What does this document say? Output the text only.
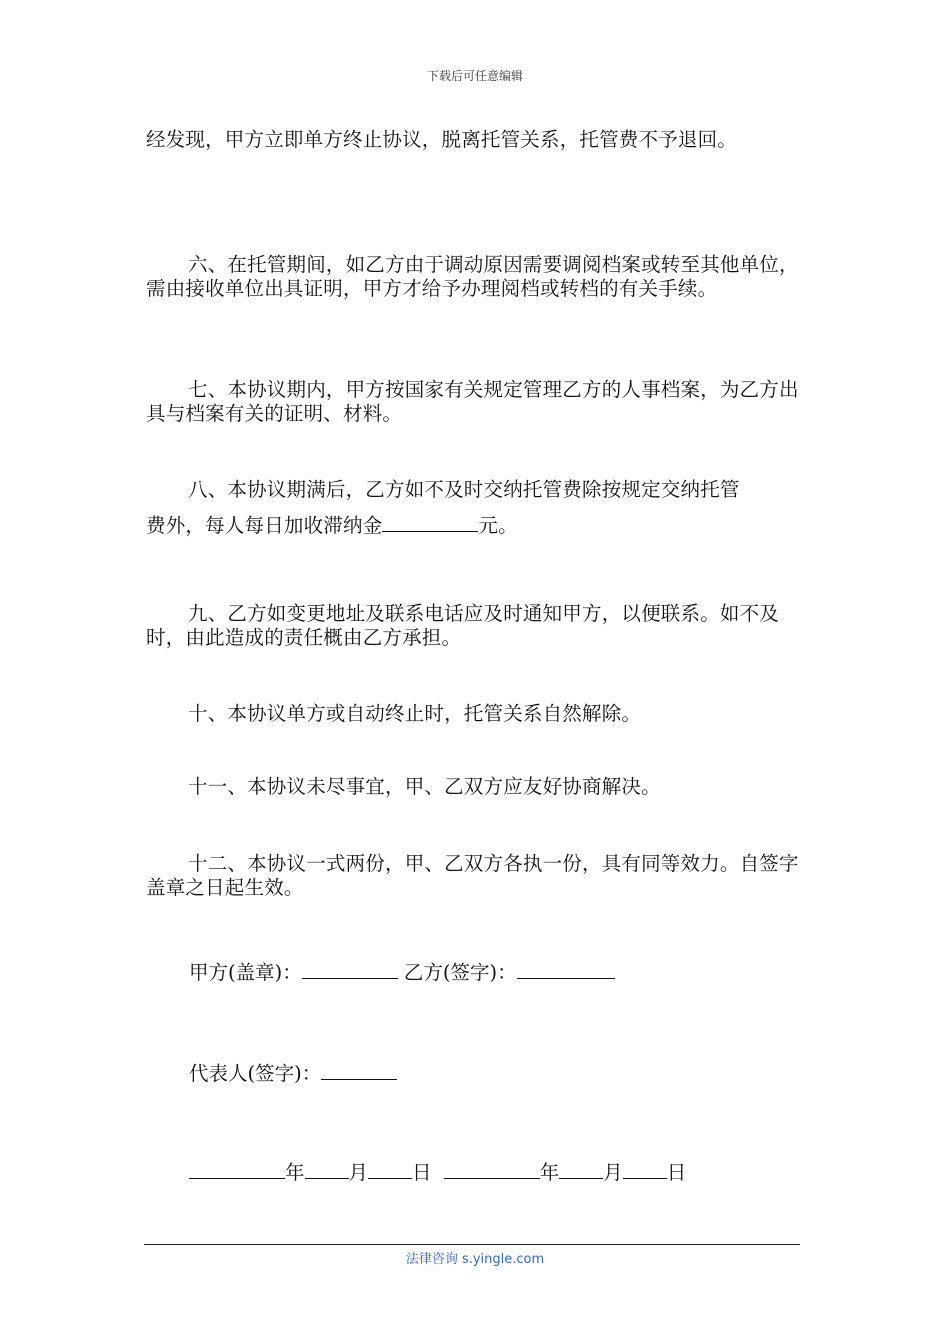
下载后可任意编辑

经发现，甲方立即单方终止协议，脱离托管关系，托管费不予退回。

六、在托管期间，如乙方由于调动原因需要调阅档案或转至其他单位，需由接收单位出具证明，甲方才给予办理阅档或转档的有关手续。

七、本协议期内，甲方按国家有关规定管理乙方的人事档案，为乙方出具与档案有关的证明、材料。

八、本协议期满后，乙方如不及时交纳托管费除按规定交纳托管

费外，每人每日加收滞纳金	元。

九、乙方如变更地址及联系电话应及时通知甲方，以便联系。如不及时，由此造成的责任概由乙方承担。

十、本协议单方或自动终止时，托管关系自然解除。

十一、本协议未尽事宜，甲、乙双方应友好协商解决。

十二、本协议一式两份，甲、乙双方各执一份，具有同等效力。自签字盖章之日起生效。

甲方(盖章)：	乙方(签字)：
代表人(签字)：
年 月 日	年 月 日
法律咨询 s.yingle.com
